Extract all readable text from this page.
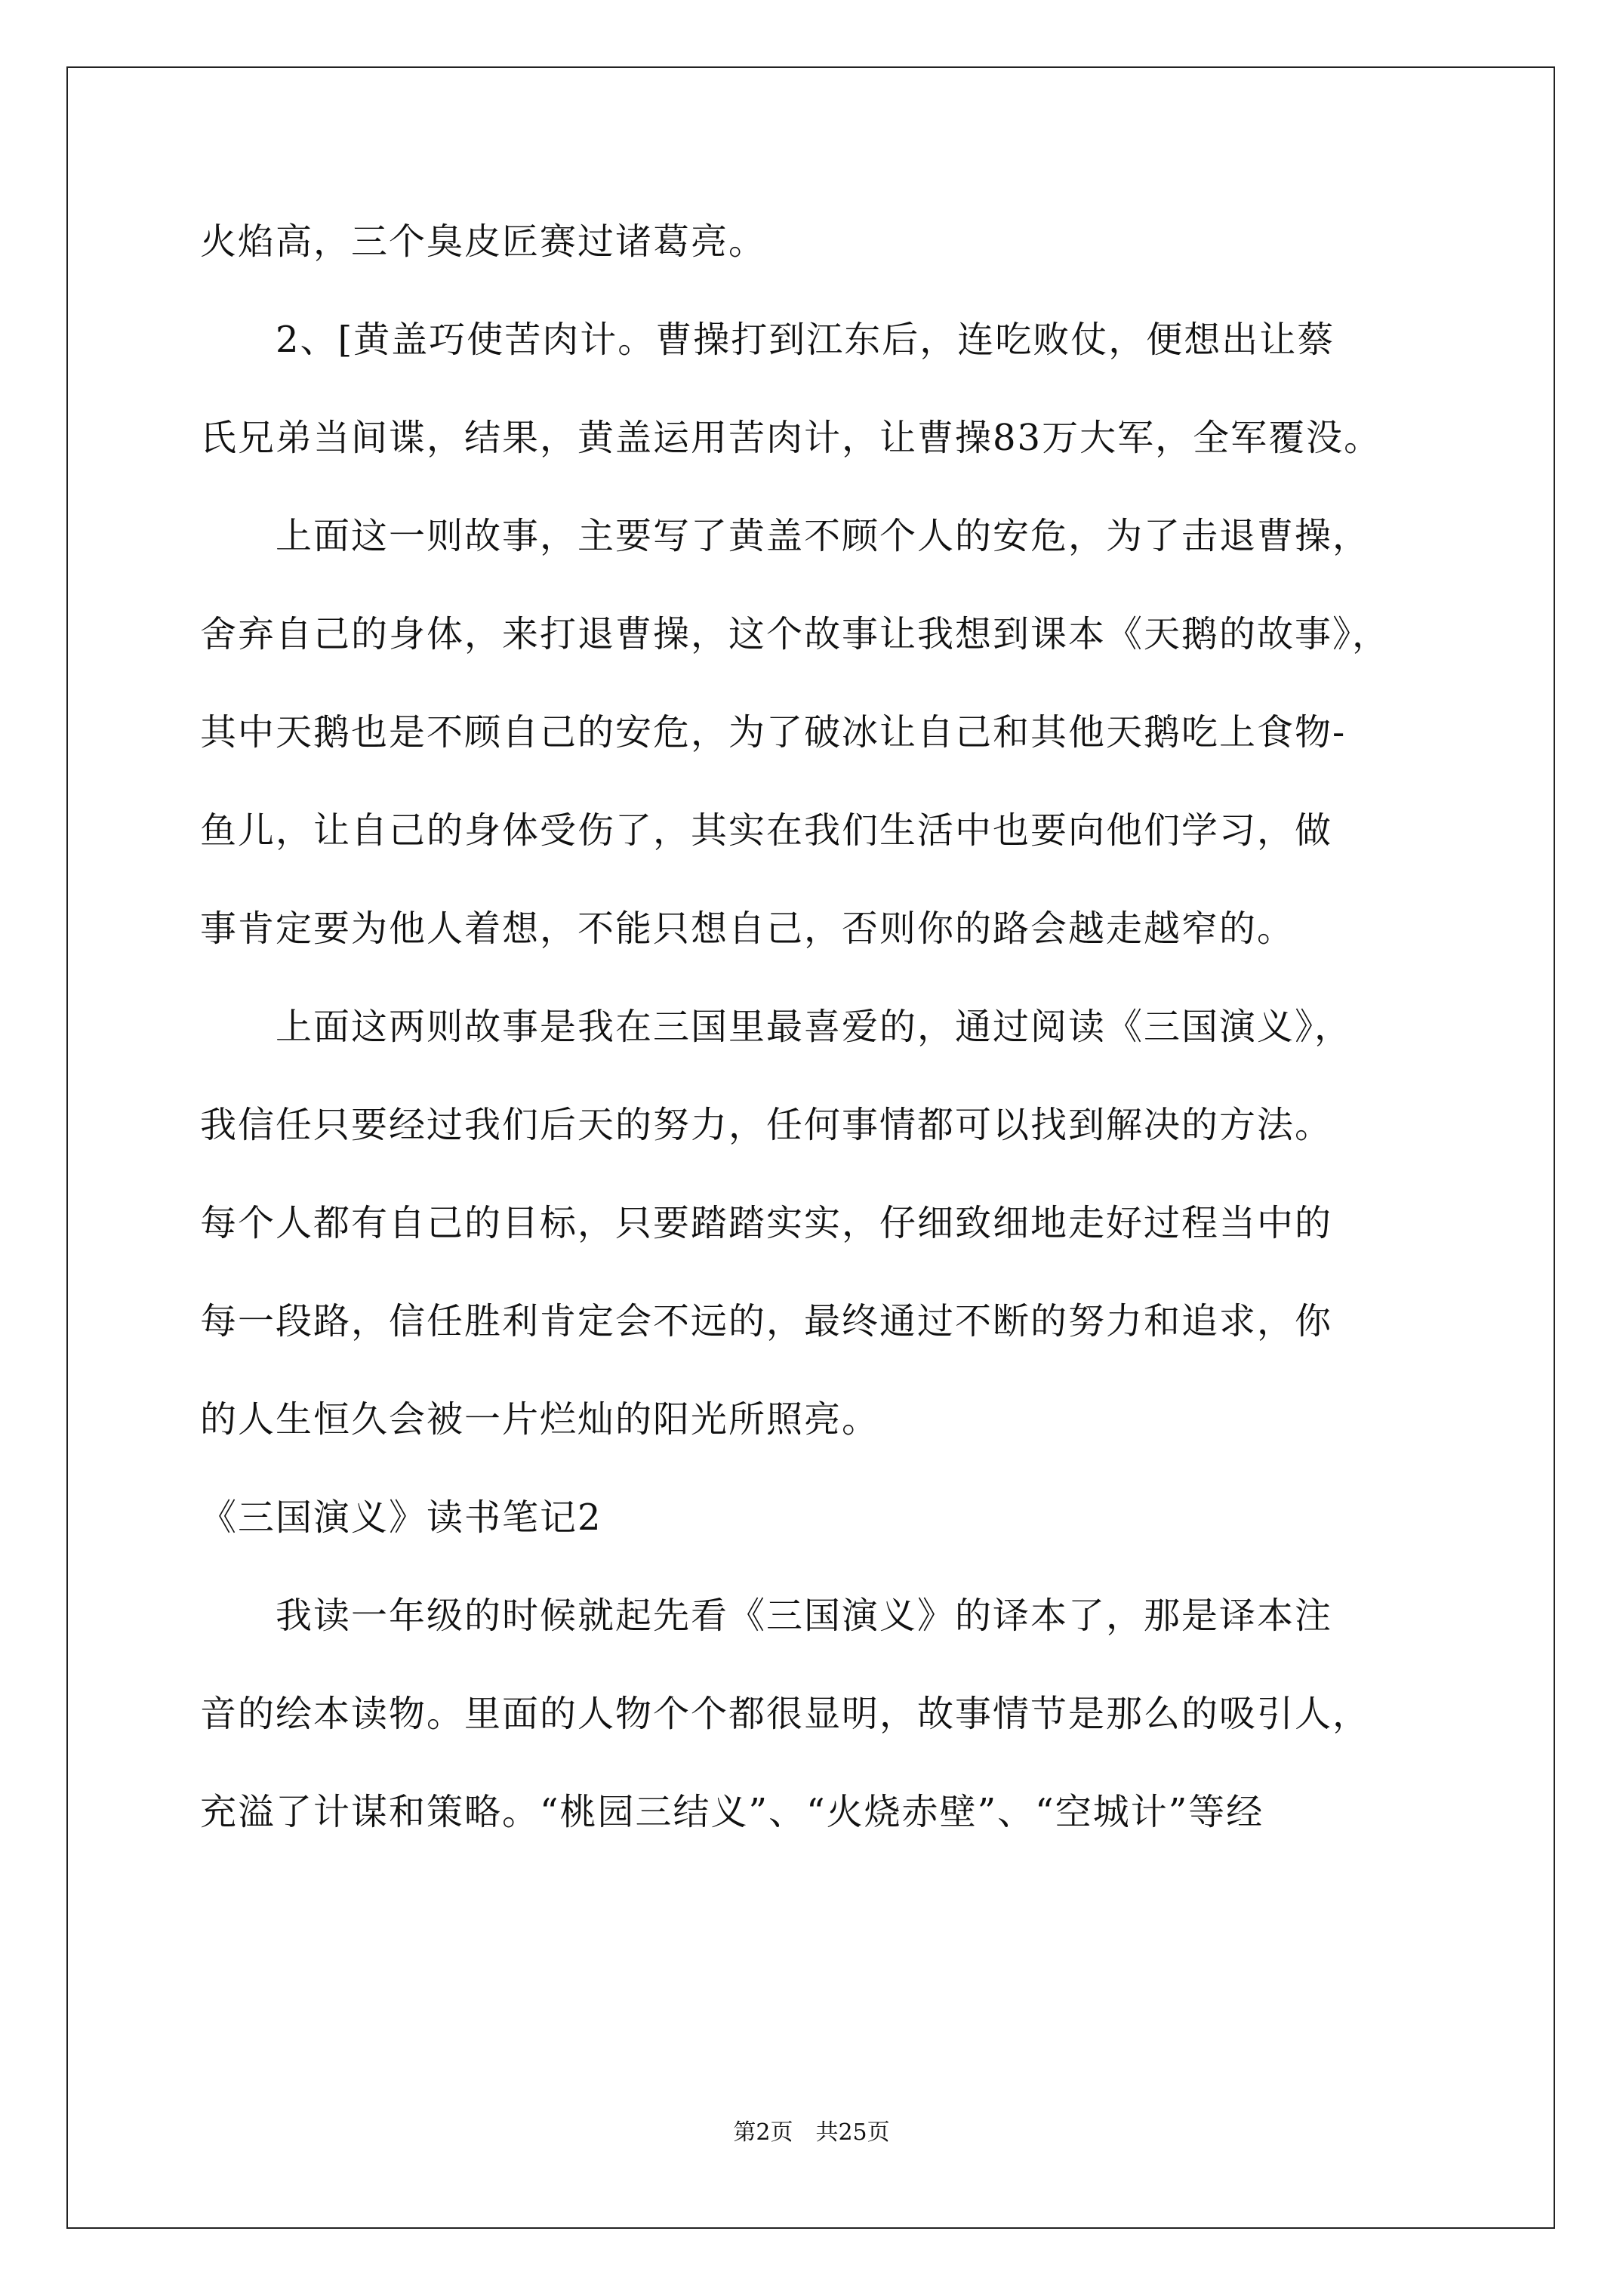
火焰高，三个臭皮匠赛过诸葛亮。
2、[黄盖巧使苦肉计。曹操打到江东后，连吃败仗，便想出让蔡
氏兄弟当间谍，结果，黄盖运用苦肉计，让曹操83万大军，全军覆没。
上面这一则故事，主要写了黄盖不顾个人的安危，为了击退曹操，
舍弃自己的身体，来打退曹操，这个故事让我想到课本《天鹅的故事》，
其中天鹅也是不顾自己的安危，为了破冰让自己和其他天鹅吃上食物-
鱼儿，让自己的身体受伤了，其实在我们生活中也要向他们学习，做
事肯定要为他人着想，不能只想自己，否则你的路会越走越窄的。
上面这两则故事是我在三国里最喜爱的，通过阅读《三国演义》，
我信任只要经过我们后天的努力，任何事情都可以找到解决的方法。
每个人都有自己的目标，只要踏踏实实，仔细致细地走好过程当中的
每一段路，信任胜利肯定会不远的，最终通过不断的努力和追求，你
的人生恒久会被一片烂灿的阳光所照亮。
《三国演义》读书笔记2
我读一年级的时候就起先看《三国演义》的译本了，那是译本注
音的绘本读物。里面的人物个个都很显明，故事情节是那么的吸引人，
充溢了计谋和策略。“桃园三结义”、“火烧赤壁”、“空城计”等经
第2页　共25页
